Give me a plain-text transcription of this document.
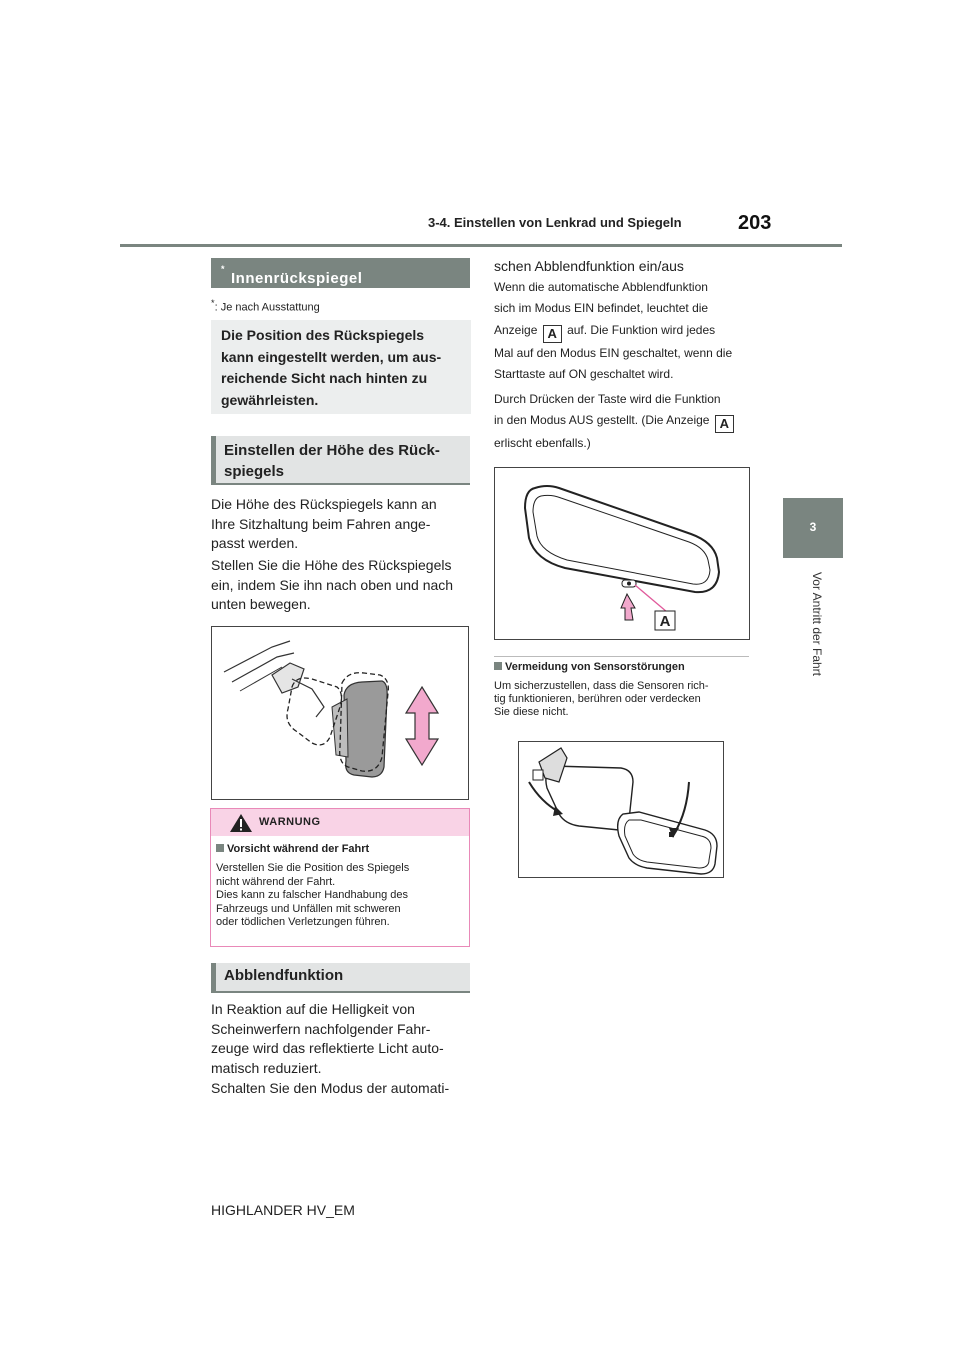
3-4. Einstellen von Lenkrad und Spiegeln	203
3
Vor Antritt der Fahrt
Innenrückspiegel
*
*: Je nach Ausstattung

Die Position des Rückspiegels

kann eingestellt werden, um aus-

reichende Sicht nach hinten zu

gewährleisten.

Einstellen der Höhe des Rück-
spiegels
Die Höhe des Rückspiegels kann an
Ihre Sitzhaltung beim Fahren ange-
passt werden.
Stellen Sie die Höhe des Rückspiegels
ein, indem Sie ihn nach oben und nach
unten bewegen.
WARNUNG
Vorsicht während der Fahrt
Verstellen Sie die Position des Spiegels
nicht während der Fahrt.
Dies kann zu falscher Handhabung des
Fahrzeugs und Unfällen mit schweren
oder tödlichen Verletzungen führen.
Abblendfunktion
In Reaktion auf die Helligkeit von
Scheinwerfern nachfolgender Fahr-
zeuge wird das reflektierte Licht auto-
matisch reduziert.
Schalten Sie den Modus der automati-
schen Abblendfunktion ein/aus
Wenn die automatische Abblendfunktion
sich im Modus EIN befindet, leuchtet die
Anzeige A auf. Die Funktion wird jedes
Mal auf den Modus EIN geschaltet, wenn die
Starttaste auf ON geschaltet wird.
Durch Drücken der Taste wird die Funktion
in den Modus AUS gestellt. (Die Anzeige A
erlischt ebenfalls.)
A
Vermeidung von Sensorstörungen
Um sicherzustellen, dass die Sensoren rich-
tig funktionieren, berühren oder verdecken
Sie diese nicht.
HIGHLANDER HV_EM
